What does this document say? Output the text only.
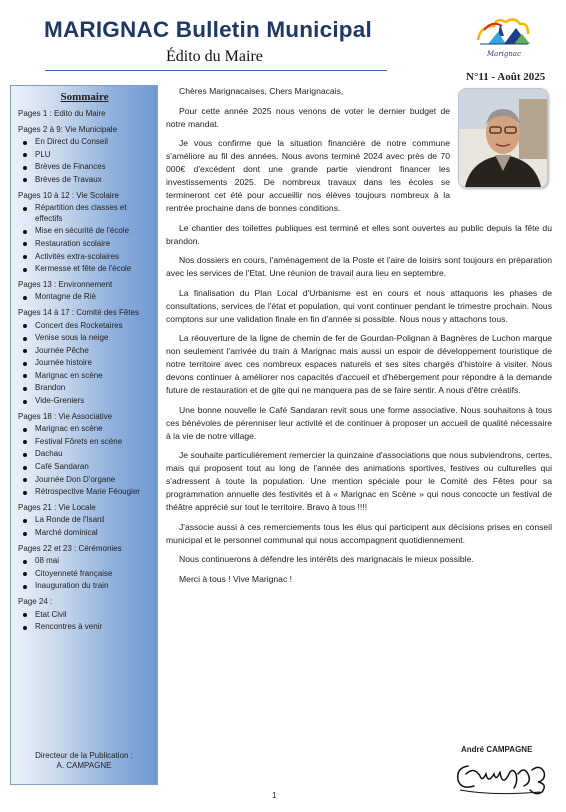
MARIGNAC Bulletin Municipal
Édito du Maire	Marignac
N°11 - Août 2025
Sommaire
Pages 1 : Edito du Maire
Pages 2 à 9: Vie Municipale
En Direct du Conseil
PLU
Brèves de Finances
Brèves de Travaux
Pages 10 à 12 : Vie Scolaire
Répartition des classes et effectifs
Mise en sécurité de l'école
Restauration scolaire
Activités extra-scolaires
Kermesse et fête de l'école
Pages 13 : Environnement
Montagne de Riè
Pages 14 à 17 : Comité des Fêtes
Concert des Rocketaires
Venise sous la neige
Journée Pêche
Journée histoire
Marignac en scène
Brandon
Vide-Greniers
Pages 18 : Vie Associative
Marignac en scène
Festival Fôrets en scène
Dachau
Café Sandaran
Journée Don D'organe
Rétrospective Marie Féougier
Pages 21 : Vie Locale
La Ronde de l'Isard
Marché dominical
Pages 22 et 23 : Cérémonies
08 mai
Citoyenneté française
Inauguration du train
Page 24 :
Etat Civil
Rencontres à venir
Directeur de la Publication :
A. CAMPAGNE

Chères Marignacaises, Chers Marignacais,

Pour cette année 2025 nous venons de voter le dernier budget de notre mandat.

Je vous confirme que la situation financière de notre commune s'améliore au fil des années. Nous avons terminé 2024 avec près de 70 000€ d'excédent dont une grande partie viendront financer les investissements 2025. De nombreux travaux dans les écoles se termineront cet été pour accueillir nos élèves toujours nombreux à la rentrée prochaine dans de bonnes conditions.

Le chantier des toilettes publiques est terminé et elles sont ouvertes au public depuis la fête du brandon.

Nos dossiers en cours, l'aménagement de la Poste et l'aire de loisirs sont toujours en préparation avec les services de l'Etat. Une réunion de travail aura lieu en septembre.

La finalisation du Plan Local d'Urbanisme est en cours et nous attaquons les phases de consultations, services de l'état et population, qui vont continuer pendant le trimestre prochain. Nous comptons sur une validation finale en fin d'année si possible. Nous nous y attachons tous.

La réouverture de la ligne de chemin de fer de Gourdan-Polignan à Bagnères de Luchon marque non seulement l'arrivée du train à Marignac mais aussi un espoir de développement touristique de notre territoire avec ces nombreux espaces naturels et ses sites chargés d'histoire à visiter. Nous devons continuer à améliorer nos capacités d'accueil et d'hébergement pour répondre à la demande future de restauration et de gite qui ne manquera pas de se faire sentir. A nous d'être créatifs.

Une bonne nouvelle le Café Sandaran revit sous une forme associative. Nous souhaitons à tous ces bénévoles de pérenniser leur activité et de continuer à proposer un accueil de qualité nécessaire à la vie de notre village.

Je souhaite particulièrement remercier la quinzaine d'associations que nous subviendrons, certes, mais qui proposent tout au long de l'année des animations sportives, festives ou culturelles qui s'adressent à toute la population. Une mention spéciale pour le Comité des Fêtes pour sa programmation annuelle des festivités et à « Marignac en Scène » qui nous concocte un festival de théâtre apprécié sur tout le territoire. Bravo à tous !!!!

J'associe aussi à ces remerciements tous les élus qui participent aux décisions prises en conseil municipal et le personnel communal qui nous accompagnent quotidiennement.

Nous continuerons à défendre les intérêts des marignacais le mieux possible.

Merci à tous ! Vive Marignac !

André CAMPAGNE
1
